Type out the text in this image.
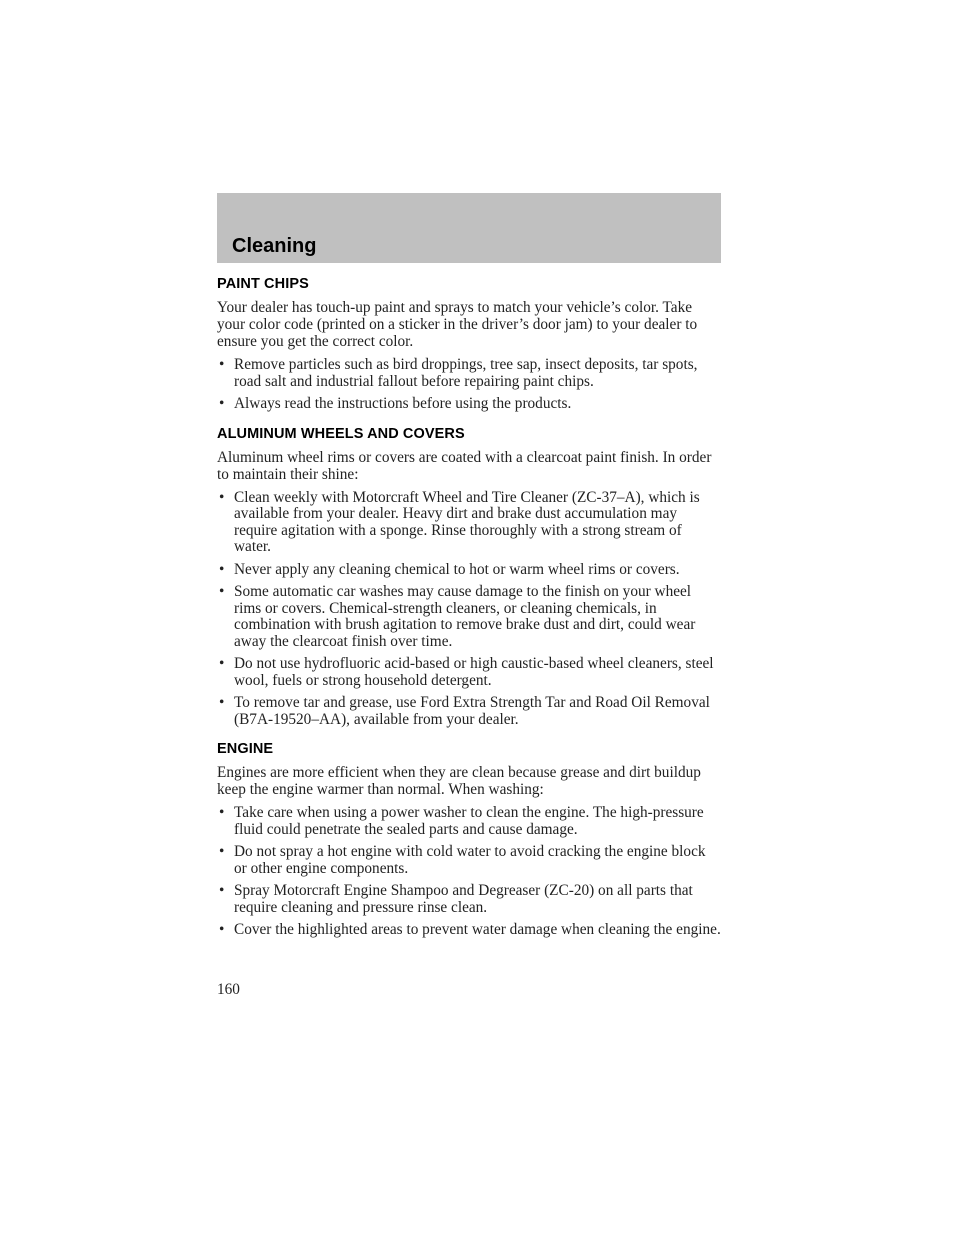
Cleaning
PAINT CHIPS

Your dealer has touch-up paint and sprays to match your vehicle’s color. Take your color code (printed on a sticker in the driver’s door jam) to your dealer to ensure you get the correct color.

• Remove particles such as bird droppings, tree sap, insect deposits, tar spots, road salt and industrial fallout before repairing paint chips.
• Always read the instructions before using the products.
ALUMINUM WHEELS AND COVERS

Aluminum wheel rims or covers are coated with a clearcoat paint finish. In order to maintain their shine:

• Clean weekly with Motorcraft Wheel and Tire Cleaner (ZC-37–A), which is available from your dealer. Heavy dirt and brake dust accumulation may require agitation with a sponge. Rinse thoroughly with a strong stream of water.
• Never apply any cleaning chemical to hot or warm wheel rims or covers.
• Some automatic car washes may cause damage to the finish on your wheel rims or covers. Chemical-strength cleaners, or cleaning chemicals, in combination with brush agitation to remove brake dust and dirt, could wear away the clearcoat finish over time.
• Do not use hydrofluoric acid-based or high caustic-based wheel cleaners, steel wool, fuels or strong household detergent.
• To remove tar and grease, use Ford Extra Strength Tar and Road Oil Removal (B7A-19520–AA), available from your dealer.
ENGINE

Engines are more efficient when they are clean because grease and dirt buildup keep the engine warmer than normal. When washing:

• Take care when using a power washer to clean the engine. The high-pressure fluid could penetrate the sealed parts and cause damage.
• Do not spray a hot engine with cold water to avoid cracking the engine block or other engine components.
• Spray Motorcraft Engine Shampoo and Degreaser (ZC-20) on all parts that require cleaning and pressure rinse clean.
• Cover the highlighted areas to prevent water damage when cleaning the engine.
160
